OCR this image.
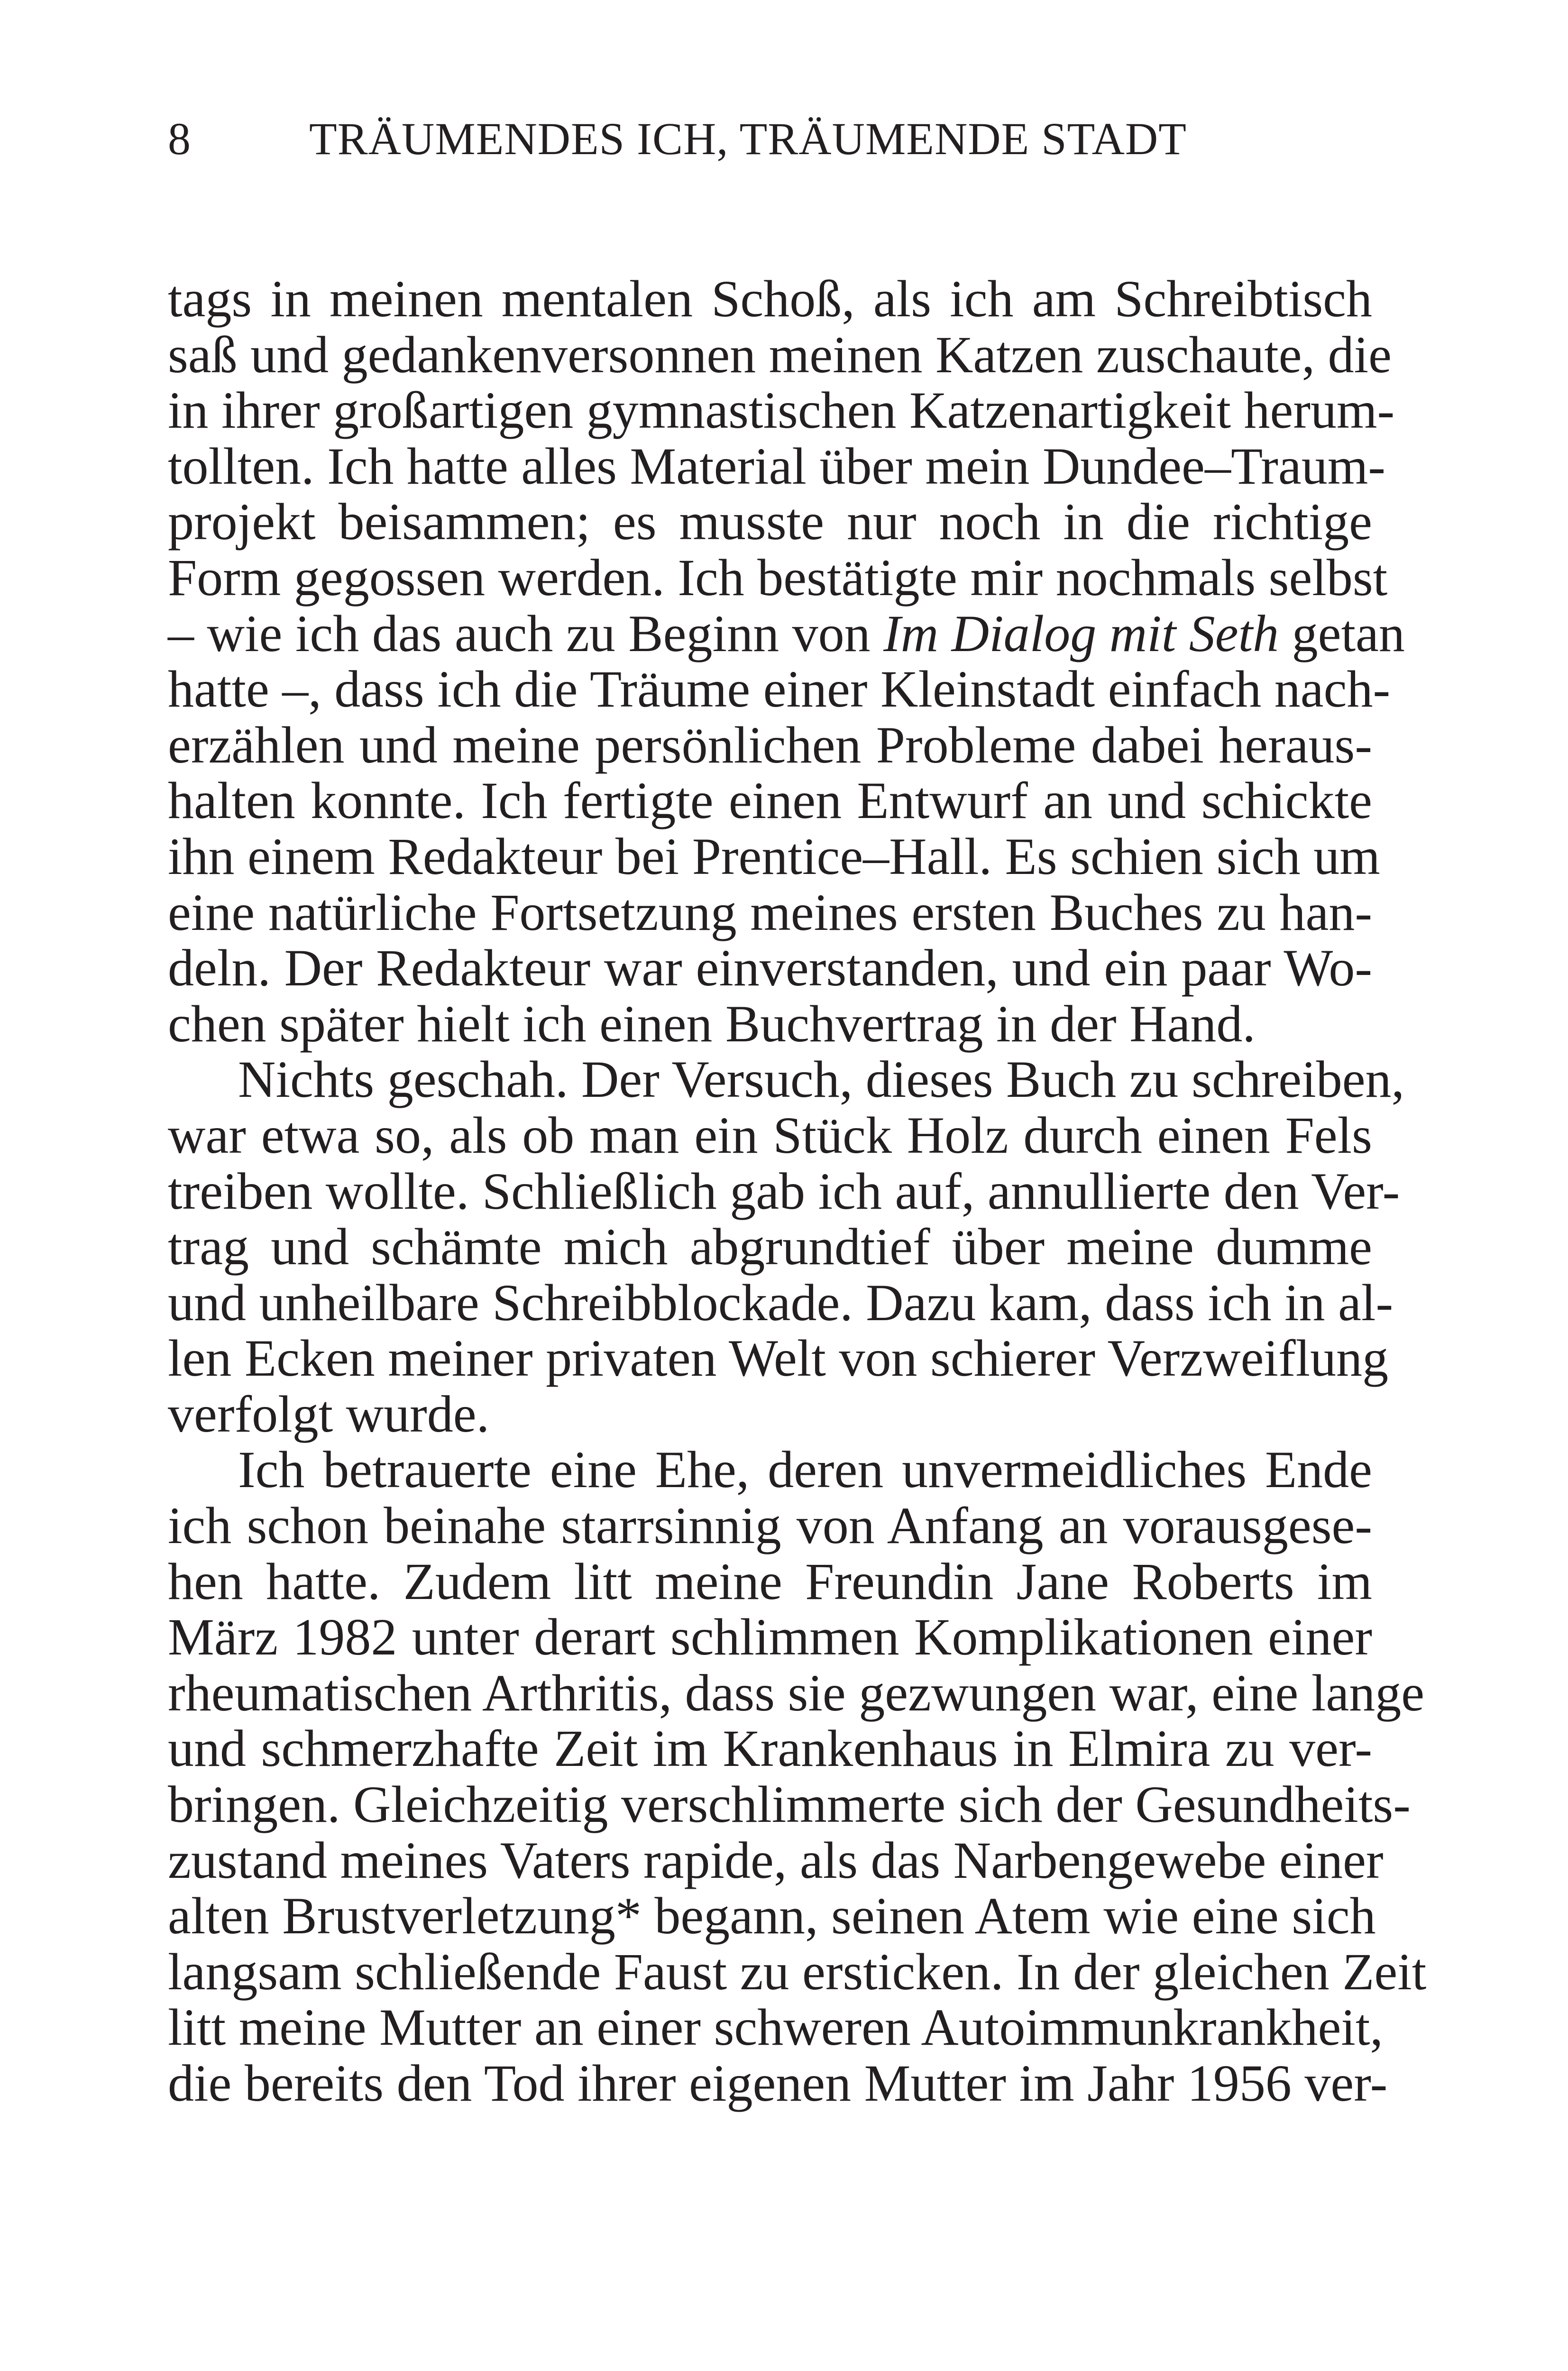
8	TRÄUMENDES ICH, TRÄUMENDE STADT
tags in meinen mentalen Schoß, als ich am Schreibtisch
saß und gedankenversonnen meinen Katzen zuschaute, die
in ihrer großartigen gymnastischen Katzenartigkeit herum-
tollten. Ich hatte alles Material über mein Dundee–Traum-
projekt beisammen; es musste nur noch in die richtige
Form gegossen werden. Ich bestätigte mir nochmals selbst
– wie ich das auch zu Beginn von Im Dialog mit Seth getan
hatte –, dass ich die Träume einer Kleinstadt einfach nach-
erzählen und meine persönlichen Probleme dabei heraus-
halten konnte. Ich fertigte einen Entwurf an und schickte
ihn einem Redakteur bei Prentice–Hall. Es schien sich um
eine natürliche Fortsetzung meines ersten Buches zu han-
deln. Der Redakteur war einverstanden, und ein paar Wo-
chen später hielt ich einen Buchvertrag in der Hand.
Nichts geschah. Der Versuch, dieses Buch zu schreiben,
war etwa so, als ob man ein Stück Holz durch einen Fels
treiben wollte. Schließlich gab ich auf, annullierte den Ver-
trag und schämte mich abgrundtief über meine dumme
und unheilbare Schreibblockade. Dazu kam, dass ich in al-
len Ecken meiner privaten Welt von schierer Verzweiflung
verfolgt wurde.
Ich betrauerte eine Ehe, deren unvermeidliches Ende
ich schon beinahe starrsinnig von Anfang an vorausgese-
hen hatte. Zudem litt meine Freundin Jane Roberts im
März 1982 unter derart schlimmen Komplikationen einer
rheumatischen Arthritis, dass sie gezwungen war, eine lange
und schmerzhafte Zeit im Krankenhaus in Elmira zu ver-
bringen. Gleichzeitig verschlimmerte sich der Gesundheits-
zustand meines Vaters rapide, als das Narbengewebe einer
alten Brustverletzung* begann, seinen Atem wie eine sich
langsam schließende Faust zu ersticken. In der gleichen Zeit
litt meine Mutter an einer schweren Autoimmunkrankheit,
die bereits den Tod ihrer eigenen Mutter im Jahr 1956 ver-
